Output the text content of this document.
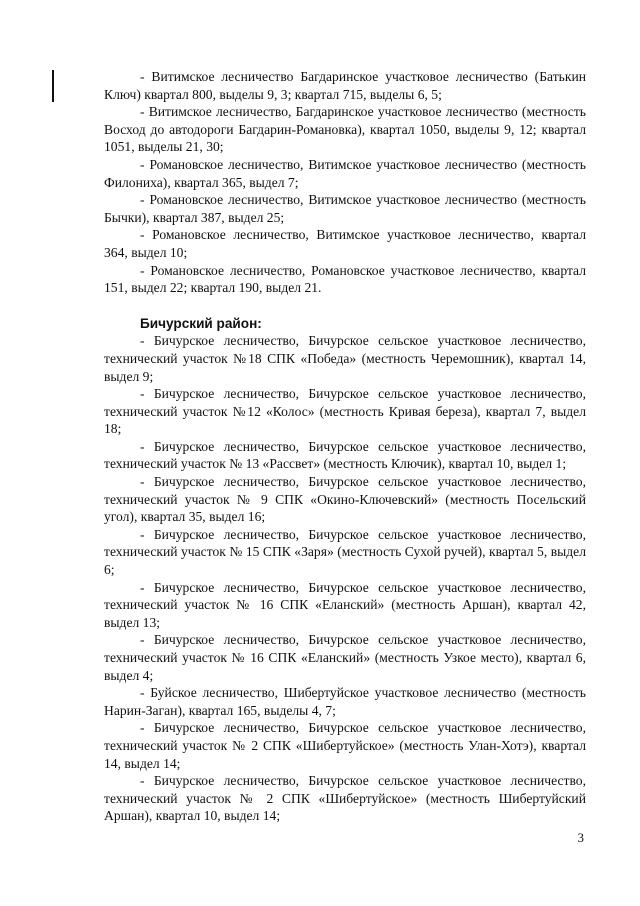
- Витимское лесничество Багдаринское участковое лесничество (Батькин Ключ) квартал 800, выделы 9, 3; квартал 715, выделы 6, 5;

- Витимское лесничество, Багдаринское участковое лесничество (местность Восход до автодороги Багдарин-Романовка), квартал 1050, выделы 9, 12; квартал 1051, выделы 21, 30;

- Романовское лесничество, Витимское участковое лесничество (местность Филониха), квартал 365, выдел 7;

- Романовское лесничество, Витимское участковое лесничество (местность Бычки), квартал 387, выдел 25;

- Романовское лесничество, Витимское участковое лесничество, квартал 364, выдел 10;

- Романовское лесничество, Романовское участковое лесничество, квартал 151, выдел 22; квартал 190, выдел 21.

Бичурский район:

- Бичурское лесничество, Бичурское сельское участковое лесничество, технический участок №18 СПК «Победа» (местность Черемошник), квартал 14, выдел 9;

- Бичурское лесничество, Бичурское сельское участковое лесничество, технический участок №12 «Колос» (местность Кривая береза), квартал 7, выдел 18;

- Бичурское лесничество, Бичурское сельское участковое лесничество, технический участок № 13 «Рассвет» (местность Ключик), квартал 10, выдел 1;

- Бичурское лесничество, Бичурское сельское участковое лесничество, технический участок № 9 СПК «Окино-Ключевский» (местность Посельский угол), квартал 35, выдел 16;

- Бичурское лесничество, Бичурское сельское участковое лесничество, технический участок № 15 СПК «Заря» (местность Сухой ручей), квартал 5, выдел 6;

- Бичурское лесничество, Бичурское сельское участковое лесничество, технический участок № 16 СПК «Еланский» (местность Аршан), квартал 42, выдел 13;

- Бичурское лесничество, Бичурское сельское участковое лесничество, технический участок № 16 СПК «Еланский» (местность Узкое место), квартал 6, выдел 4;

- Буйское лесничество, Шибертуйское участковое лесничество (местность Нарин-Заган), квартал 165, выделы 4, 7;

- Бичурское лесничество, Бичурское сельское участковое лесничество, технический участок № 2 СПК «Шибертуйское» (местность Улан-Хотэ), квартал 14, выдел 14;

- Бичурское лесничество, Бичурское сельское участковое лесничество, технический участок № 2 СПК «Шибертуйское» (местность Шибертуйский Аршан), квартал 10, выдел 14;

3
